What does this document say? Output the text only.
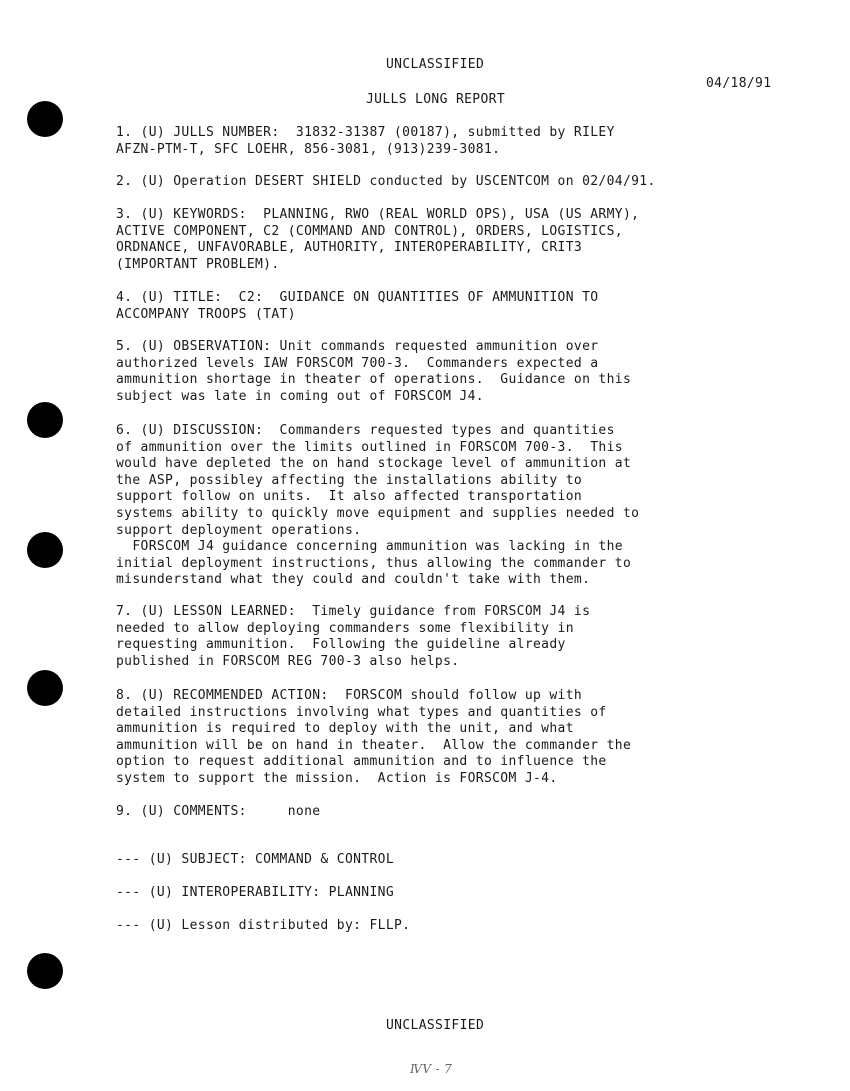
UNCLASSIFIED
04/18/91
JULLS LONG REPORT
1. (U) JULLS NUMBER:  31832-31387 (00187), submitted by RILEY
AFZN-PTM-T, SFC LOEHR, 856-3081, (913)239-3081.
2. (U) Operation DESERT SHIELD conducted by USCENTCOM on 02/04/91.
3. (U) KEYWORDS:  PLANNING, RWO (REAL WORLD OPS), USA (US ARMY),
ACTIVE COMPONENT, C2 (COMMAND AND CONTROL), ORDERS, LOGISTICS,
ORDNANCE, UNFAVORABLE, AUTHORITY, INTEROPERABILITY, CRIT3
(IMPORTANT PROBLEM).
4. (U) TITLE:  C2:  GUIDANCE ON QUANTITIES OF AMMUNITION TO
ACCOMPANY TROOPS (TAT)
5. (U) OBSERVATION: Unit commands requested ammunition over
authorized levels IAW FORSCOM 700-3.  Commanders expected a
ammunition shortage in theater of operations.  Guidance on this
subject was late in coming out of FORSCOM J4.
6. (U) DISCUSSION:  Commanders requested types and quantities
of ammunition over the limits outlined in FORSCOM 700-3.  This
would have depleted the on hand stockage level of ammunition at
the ASP, possibley affecting the installations ability to
support follow on units.  It also affected transportation
systems ability to quickly move equipment and supplies needed to
support deployment operations.
FORSCOM J4 guidance concerning ammunition was lacking in the
initial deployment instructions, thus allowing the commander to
misunderstand what they could and couldn't take with them.
7. (U) LESSON LEARNED:  Timely guidance from FORSCOM J4 is
needed to allow deploying commanders some flexibility in
requesting ammunition.  Following the guideline already
published in FORSCOM REG 700-3 also helps.
8. (U) RECOMMENDED ACTION:  FORSCOM should follow up with
detailed instructions involving what types and quantities of
ammunition is required to deploy with the unit, and what
ammunition will be on hand in theater.  Allow the commander the
option to request additional ammunition and to influence the
system to support the mission.  Action is FORSCOM J-4.
9. (U) COMMENTS:     none
--- (U) SUBJECT: COMMAND & CONTROL
--- (U) INTEROPERABILITY: PLANNING
--- (U) Lesson distributed by: FLLP.
UNCLASSIFIED
ⅣⅤ - 7
